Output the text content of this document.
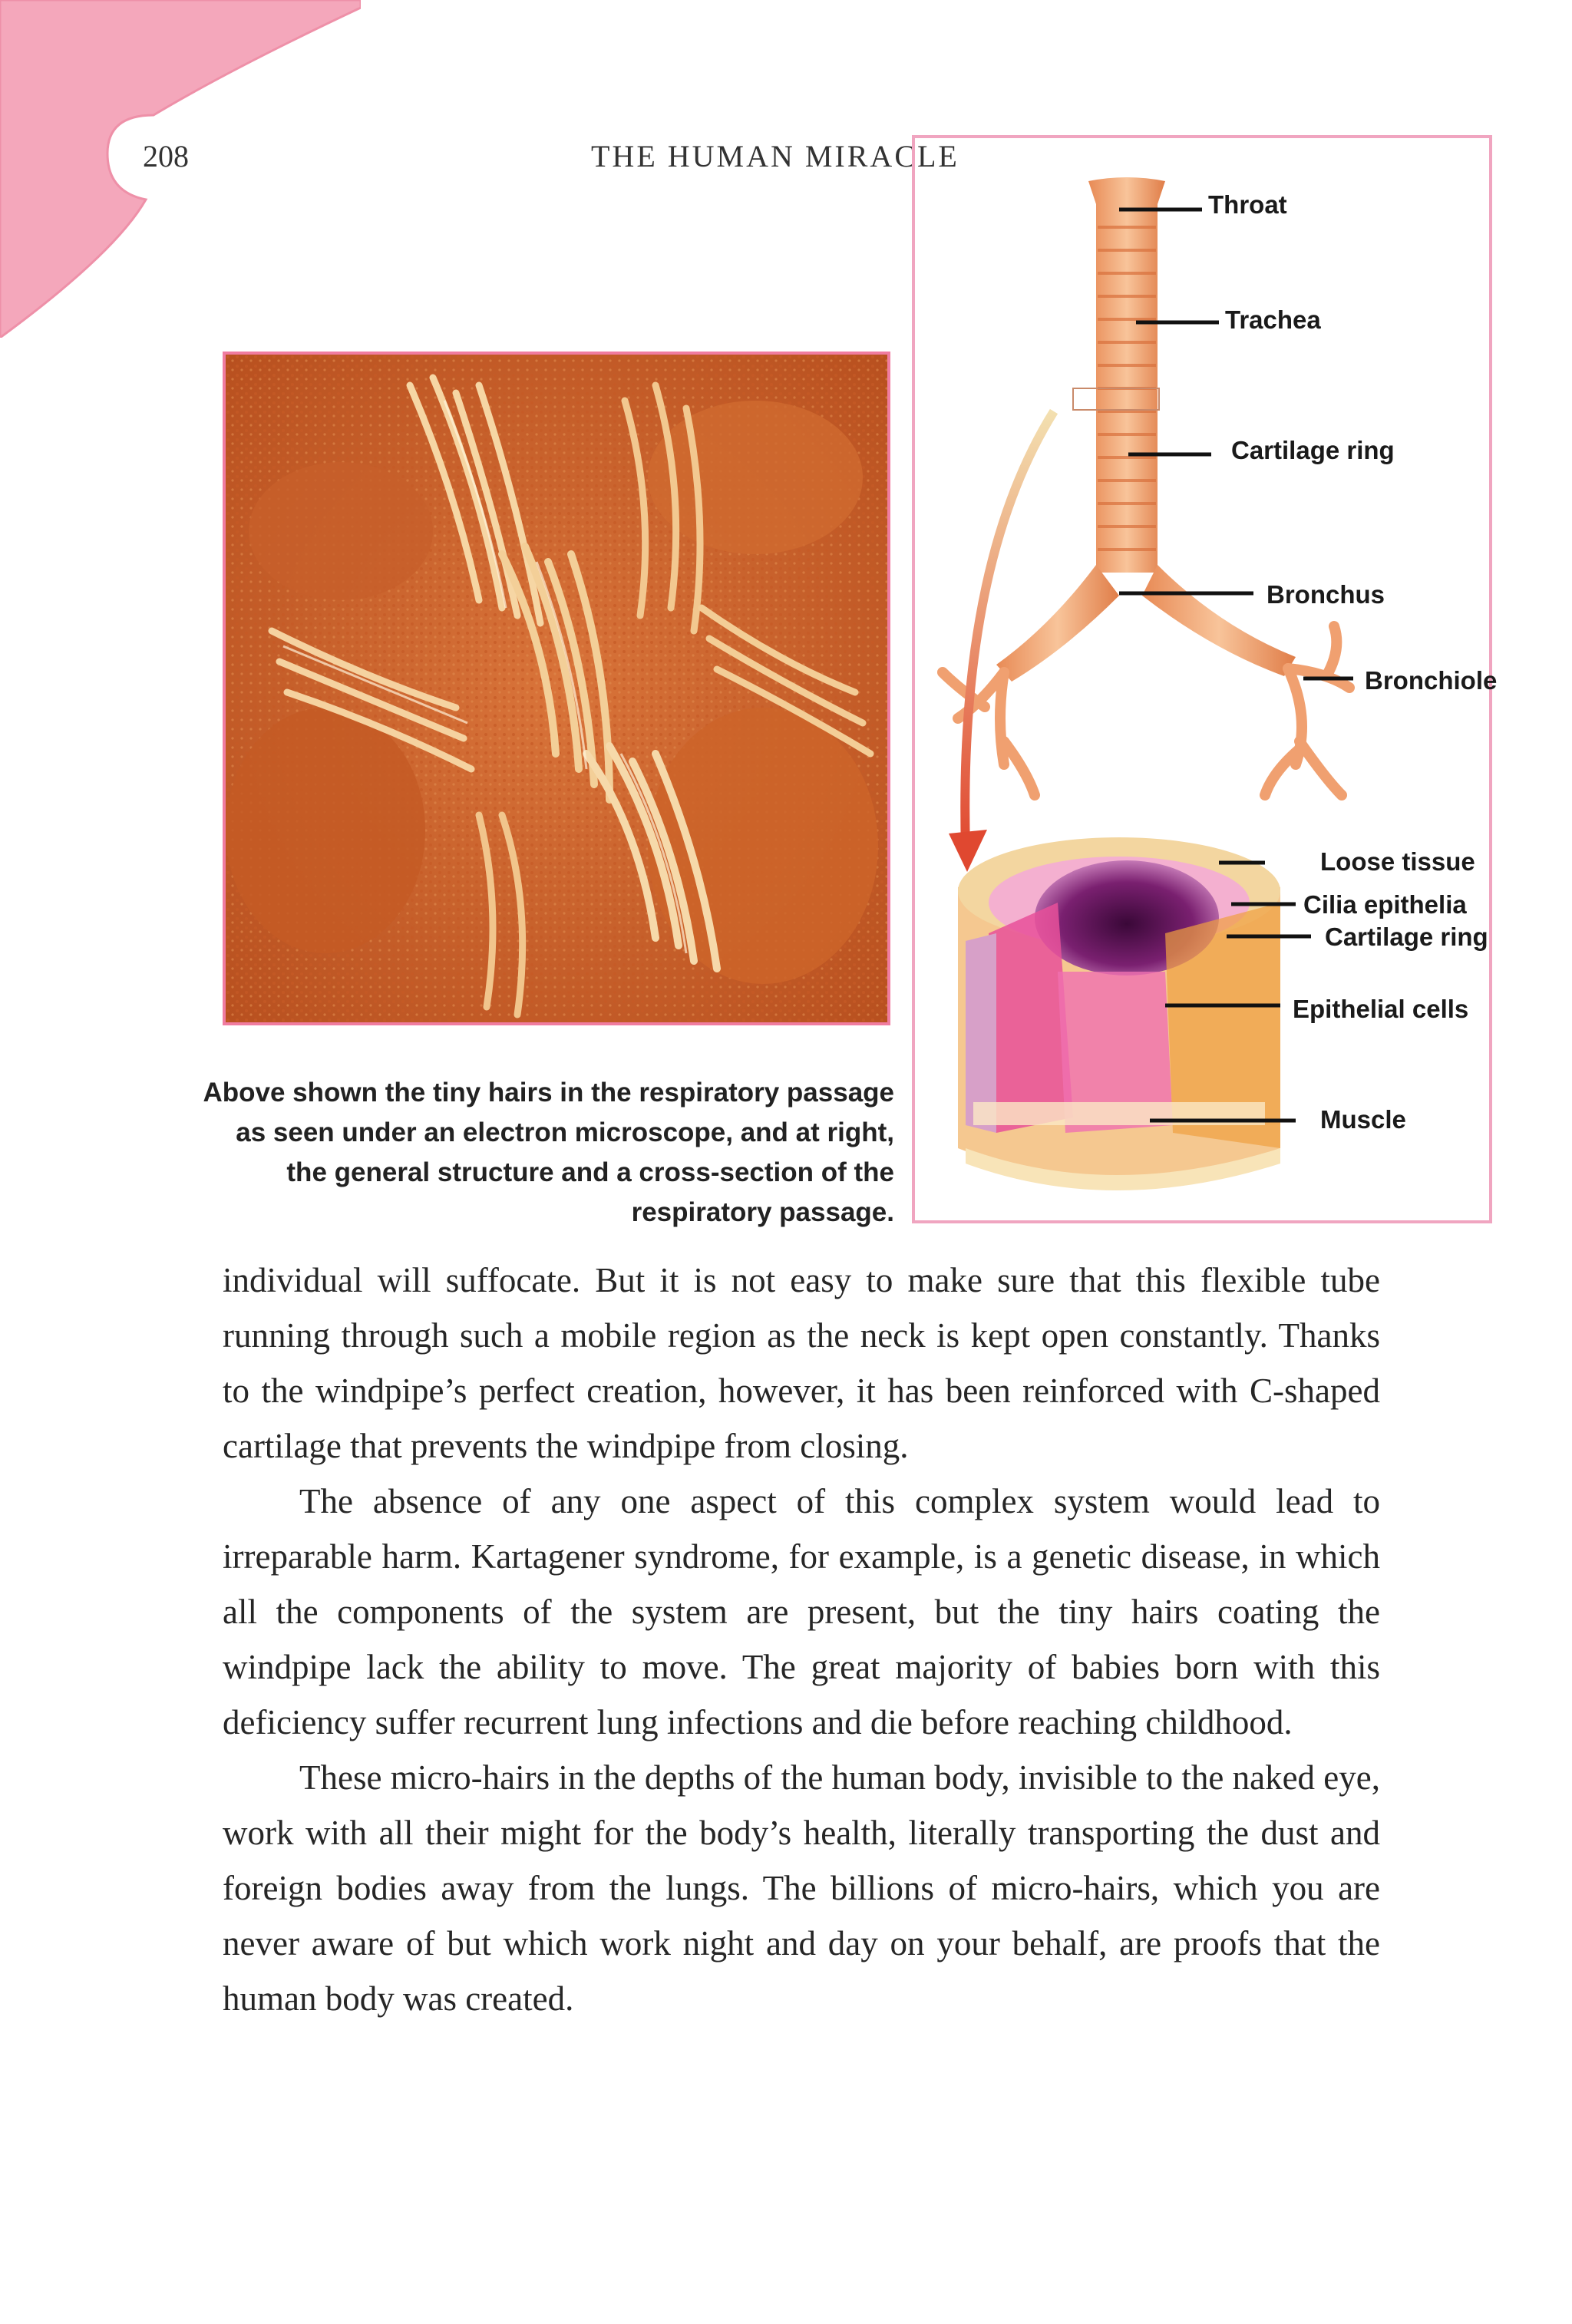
208	THE HUMAN MIRACLE
Above shown the tiny hairs in the respiratory passage as seen under an electron microscope, and at right, the general structure and a cross-section of the respiratory passage.
Throat
Trachea
Cartilage ring
Bronchus
Bronchiole
Loose tissue
Cilia epithelia
Cartilage ring
Epithelial cells
Muscle

individual will suffocate. But it is not easy to make sure that this flexible tube running through such a mobile region as the neck is kept open constantly. Thanks to the windpipe’s perfect creation, however, it has been reinforced with C-shaped cartilage that prevents the windpipe from closing.

The absence of any one aspect of this complex system would lead to irreparable harm. Kartagener syndrome, for example, is a genetic disease, in which all the components of the system are present, but the tiny hairs coating the windpipe lack the ability to move. The great majority of babies born with this deficiency suffer recurrent lung infections and die before reaching childhood.

These micro-hairs in the depths of the human body, invisible to the naked eye, work with all their might for the body’s health, literally transporting the dust and foreign bodies away from the lungs. The billions of micro-hairs, which you are never aware of but which work night and day on your behalf, are proofs that the human body was created.
